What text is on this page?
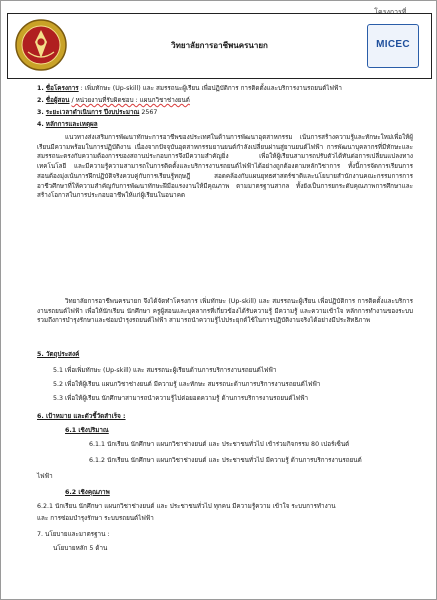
โครงการที่ ......
วิทยาลัยการอาชีพนครนายก	MICEC
1. ชื่อโครงการ : เพิ่มทักษะ (Up-skill) และ สมรรถนะผู้เรียน เพื่อปฏิบัติการ การติดตั้งและบริการงานรถยนต์ไฟฟ้า
2. ชื่อผู้สอน / หน่วยงานที่รับผิดชอบ : แผนกวิชาช่างยนต์
3. ระยะเวลาดำเนินการ ปีงบประมาณ 2567
4. หลักการและเหตุผล
แนวทางส่งเสริมการพัฒนาทักษะการอาชีพของประเทศในด้านการพัฒนาอุตสาหกรรม เน้นการสร้างความรู้และทักษะใหม่เพื่อให้ผู้เรียนมีความพร้อมในการปฏิบัติงาน เนื่องจากปัจจุบันอุตสาหกรรมยานยนต์กำลังเปลี่ยนผ่านสู่ยานยนต์ไฟฟ้า การพัฒนาบุคลากรที่มีทักษะและสมรรถนะตรงกับความต้องการของสถานประกอบการจึงมีความสำคัญยิ่ง เพื่อให้ผู้เรียนสามารถปรับตัวได้ทันต่อการเปลี่ยนแปลงทางเทคโนโลยี และมีความรู้ความสามารถในการติดตั้งและบริการงานรถยนต์ไฟฟ้าได้อย่างถูกต้องตามหลักวิชาการ ทั้งนี้การจัดการเรียนการสอนต้องมุ่งเน้นการฝึกปฏิบัติจริงควบคู่กับการเรียนรู้ทฤษฎี สอดคล้องกับแผนยุทธศาสตร์ชาติและนโยบายสำนักงานคณะกรรมการการอาชีวศึกษาที่ให้ความสำคัญกับการพัฒนาทักษะฝีมือแรงงานให้มีคุณภาพ ตามมาตรฐานสากล ทั้งยังเป็นการยกระดับคุณภาพการศึกษาและสร้างโอกาสในการประกอบอาชีพให้แก่ผู้เรียนในอนาคต
วิทยาลัยการอาชีพนครนายก จึงได้จัดทำโครงการ เพิ่มทักษะ (Up-skill) และ สมรรถนะผู้เรียน เพื่อปฏิบัติการ การติดตั้งและบริการงานรถยนต์ไฟฟ้า เพื่อให้นักเรียน นักศึกษา ครูผู้สอนและบุคลากรที่เกี่ยวข้องได้รับความรู้ มีความรู้ และความเข้าใจ หลักการทำงานของระบบ รวมถึงการบำรุงรักษาและซ่อมบำรุงรถยนต์ไฟฟ้า สามารถนำความรู้ไปประยุกต์ใช้ในการปฏิบัติงานจริงได้อย่างมีประสิทธิภาพ
5. วัตถุประสงค์
5.1 เพื่อเพิ่มทักษะ (Up-skill) และ สมรรถนะผู้เรียนด้านการบริการงานรถยนต์ไฟฟ้า
5.2 เพื่อให้ผู้เรียน แผนกวิชาช่างยนต์ มีความรู้ และทักษะ สมรรถนะด้านการบริการงานรถยนต์ไฟฟ้า
5.3 เพื่อให้ผู้เรียน นักศึกษาสามารถนำความรู้ไปต่อยอดความรู้ ด้านการบริการงานรถยนต์ไฟฟ้า
6. เป้าหมาย และตัวชี้วัดสำเร็จ :
6.1 เชิงปริมาณ
6.1.1 นักเรียน นักศึกษา แผนกวิชาช่างยนต์ และ ประชาชนทั่วไป เข้าร่วมกิจกรรม 80 เปอร์เซ็นต์
6.1.2 นักเรียน นักศึกษา แผนกวิชาช่างยนต์ และ ประชาชนทั่วไป มีความรู้ ด้านการบริการงานรถยนต์
ไฟฟ้า
6.2 เชิงคุณภาพ
6.2.1 นักเรียน นักศึกษา แผนกวิชาช่างยนต์ และ ประชาชนทั่วไป ทุกคน มีความรู้ความ เข้าใจ ระบบการทำงาน
และ การซ่อมบำรุงรักษา ระบบรถยนต์ไฟฟ้า
7. นโยบายและมาตรฐาน :
นโยบายหลัก 5 ด้าน
